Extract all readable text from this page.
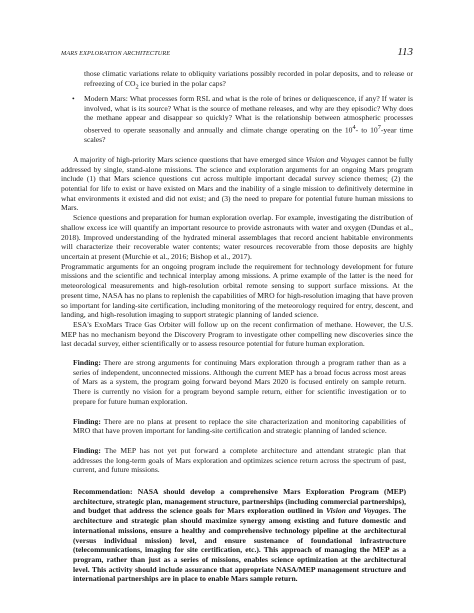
MARS EXPLORATION ARCHITECTURE	113

those climatic variations relate to obliquity variations possibly recorded in polar deposits, and to release or refreezing of $CO_2$ ice buried in the polar caps?

• Modern Mars: What processes form RSL and what is the role of brines or deliquescence, if any? If water is involved, what is its source? What is the source of methane releases, and why are they episodic? Why does the methane appear and disappear so quickly? What is the relationship between atmospheric processes observed to operate seasonally and annually and climate change operating on the $10^4-$ to $10^7$-year time scales?

A majority of high-priority Mars science questions that have emerged since Vision and Voyages cannot be fully addressed by single, stand-alone missions. The science and exploration arguments for an ongoing Mars program include (1) that Mars science questions cut across multiple important decadal survey science themes; (2) the potential for life to exist or have existed on Mars and the inability of a single mission to definitively determine in what environments it existed and did not exist; and (3) the need to prepare for potential future human missions to Mars.

Science questions and preparation for human exploration overlap. For example, investigating the distribution of shallow excess ice will quantify an important resource to provide astronauts with water and oxygen (Dundas et al., 2018). Improved understanding of the hydrated mineral assemblages that record ancient habitable environments will characterize their recoverable water contents; water resources recoverable from those deposits are highly uncertain at present (Murchie et al., 2016; Bishop et al., 2017).

Programmatic arguments for an ongoing program include the requirement for technology development for future missions and the scientific and technical interplay among missions. A prime example of the latter is the need for meteorological measurements and high-resolution orbital remote sensing to support surface missions. At the present time, NASA has no plans to replenish the capabilities of MRO for high-resolution imaging that have proven so important for landing-site certification, including monitoring of the meteorology required for entry, descent, and landing, and high-resolution imaging to support strategic planning of landed science.

ESA's ExoMars Trace Gas Orbiter will follow up on the recent confirmation of methane. However, the U.S. MEP has no mechanism beyond the Discovery Program to investigate other compelling new discoveries since the last decadal survey, either scientifically or to assess resource potential for future human exploration.

Finding: There are strong arguments for continuing Mars exploration through a program rather than as a series of independent, unconnected missions. Although the current MEP has a broad focus across most areas of Mars as a system, the program going forward beyond Mars 2020 is focused entirely on sample return. There is currently no vision for a program beyond sample return, either for scientific investigation or to prepare for future human exploration.

Finding: There are no plans at present to replace the site characterization and monitoring capabilities of MRO that have proven important for landing-site certification and strategic planning of landed science.

Finding: The MEP has not yet put forward a complete architecture and attendant strategic plan that addresses the long-term goals of Mars exploration and optimizes science return across the spectrum of past, current, and future missions.

Recommendation: NASA should develop a comprehensive Mars Exploration Program (MEP) architecture, strategic plan, management structure, partnerships (including commercial partnerships), and budget that address the science goals for Mars exploration outlined in Vision and Voyages. The architecture and strategic plan should maximize synergy among existing and future domestic and international missions, ensure a healthy and comprehensive technology pipeline at the architectural (versus individual mission) level, and ensure sustenance of foundational infrastructure (telecommunications, imaging for site certification, etc.). This approach of managing the MEP as a program, rather than just as a series of missions, enables science optimization at the architectural level. This activity should include assurance that appropriate NASA/MEP management structure and international partnerships are in place to enable Mars sample return.
